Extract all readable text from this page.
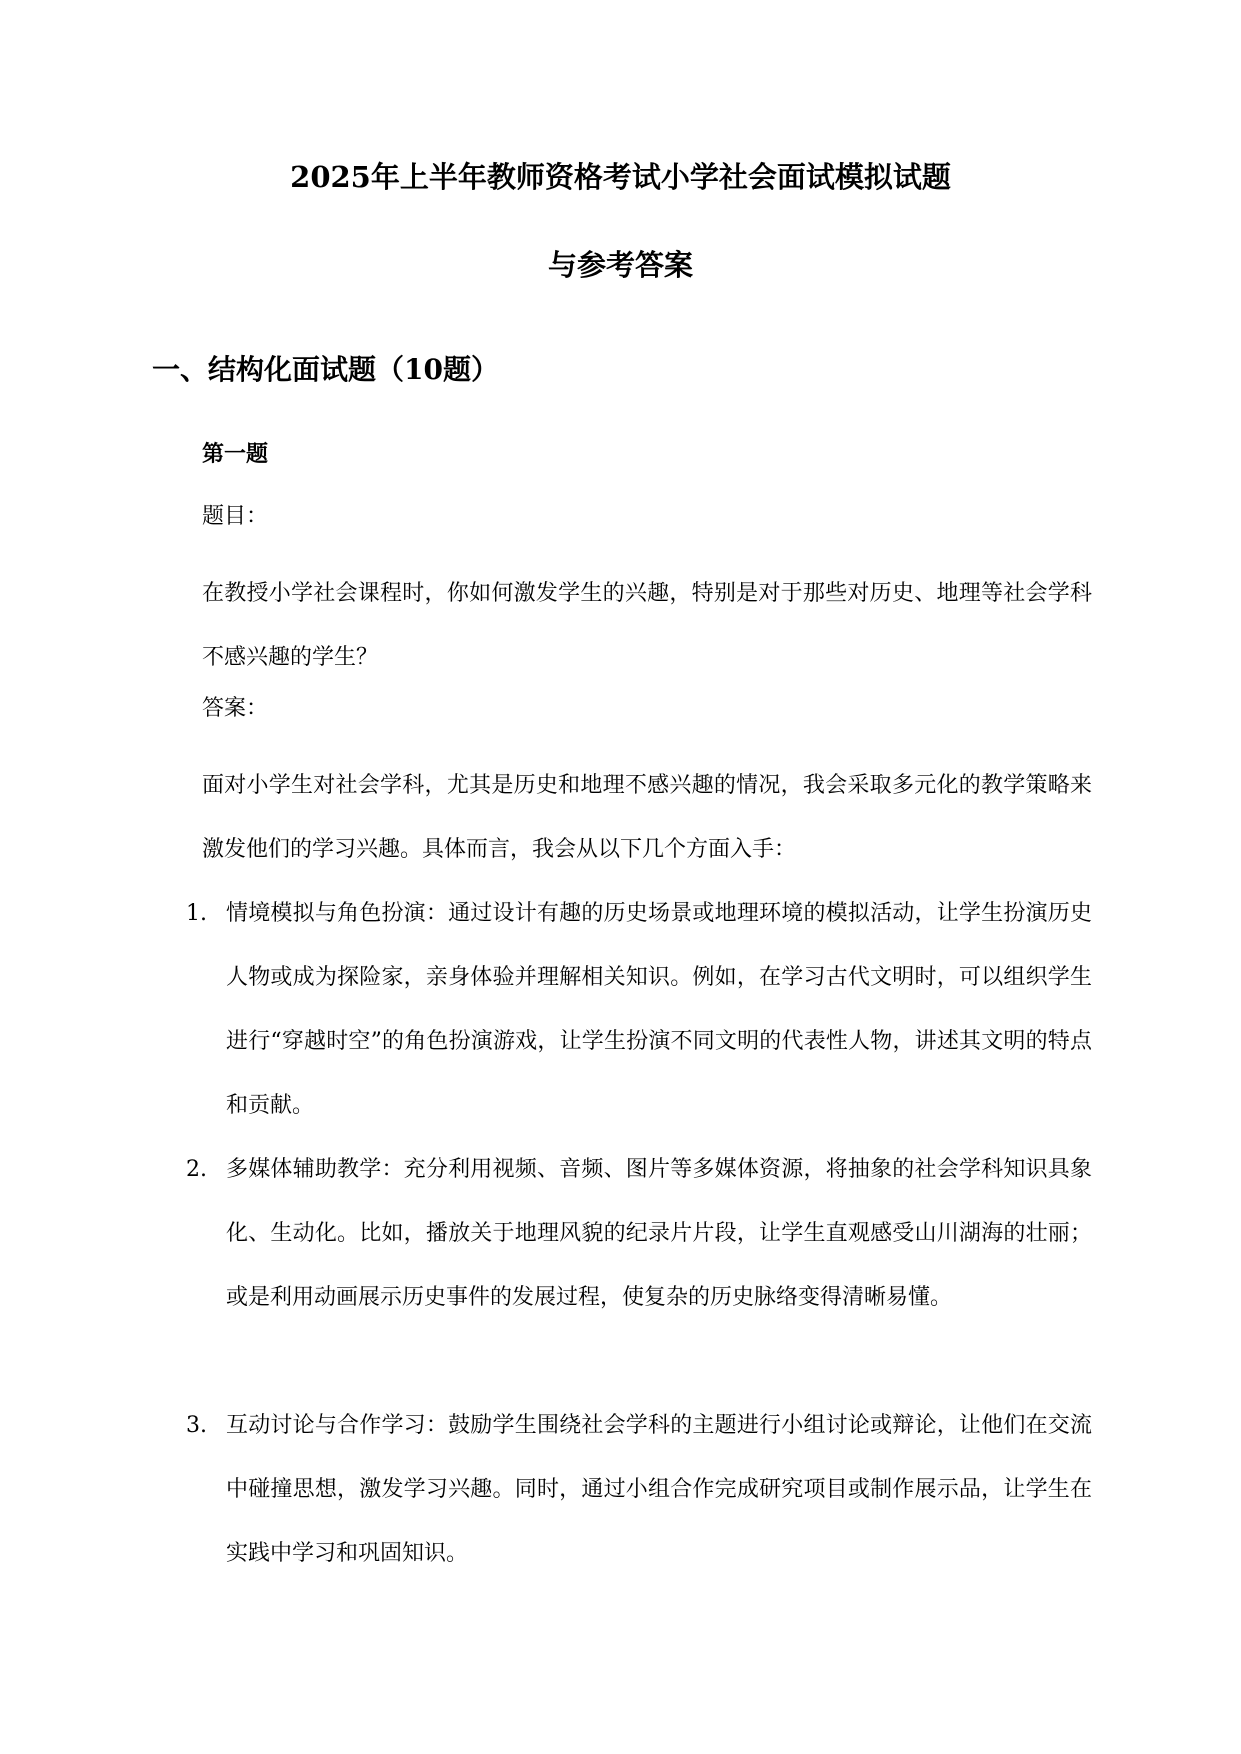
2025年上半年教师资格考试小学社会面试模拟试题
与参考答案
一、结构化面试题（10题）
第一题
题目：
在教授小学社会课程时，你如何激发学生的兴趣，特别是对于那些对历史、地理等社会学科不感兴趣的学生？
答案：
面对小学生对社会学科，尤其是历史和地理不感兴趣的情况，我会采取多元化的教学策略来激发他们的学习兴趣。具体而言，我会从以下几个方面入手：
1. 情境模拟与角色扮演：通过设计有趣的历史场景或地理环境的模拟活动，让学生扮演历史人物或成为探险家，亲身体验并理解相关知识。例如，在学习古代文明时，可以组织学生进行“穿越时空”的角色扮演游戏，让学生扮演不同文明的代表性人物，讲述其文明的特点和贡献。
2. 多媒体辅助教学：充分利用视频、音频、图片等多媒体资源，将抽象的社会学科知识具象化、生动化。比如，播放关于地理风貌的纪录片片段，让学生直观感受山川湖海的壮丽；或是利用动画展示历史事件的发展过程，使复杂的历史脉络变得清晰易懂。
3. 互动讨论与合作学习：鼓励学生围绕社会学科的主题进行小组讨论或辩论，让他们在交流中碰撞思想，激发学习兴趣。同时，通过小组合作完成研究项目或制作展示品，让学生在实践中学习和巩固知识。
